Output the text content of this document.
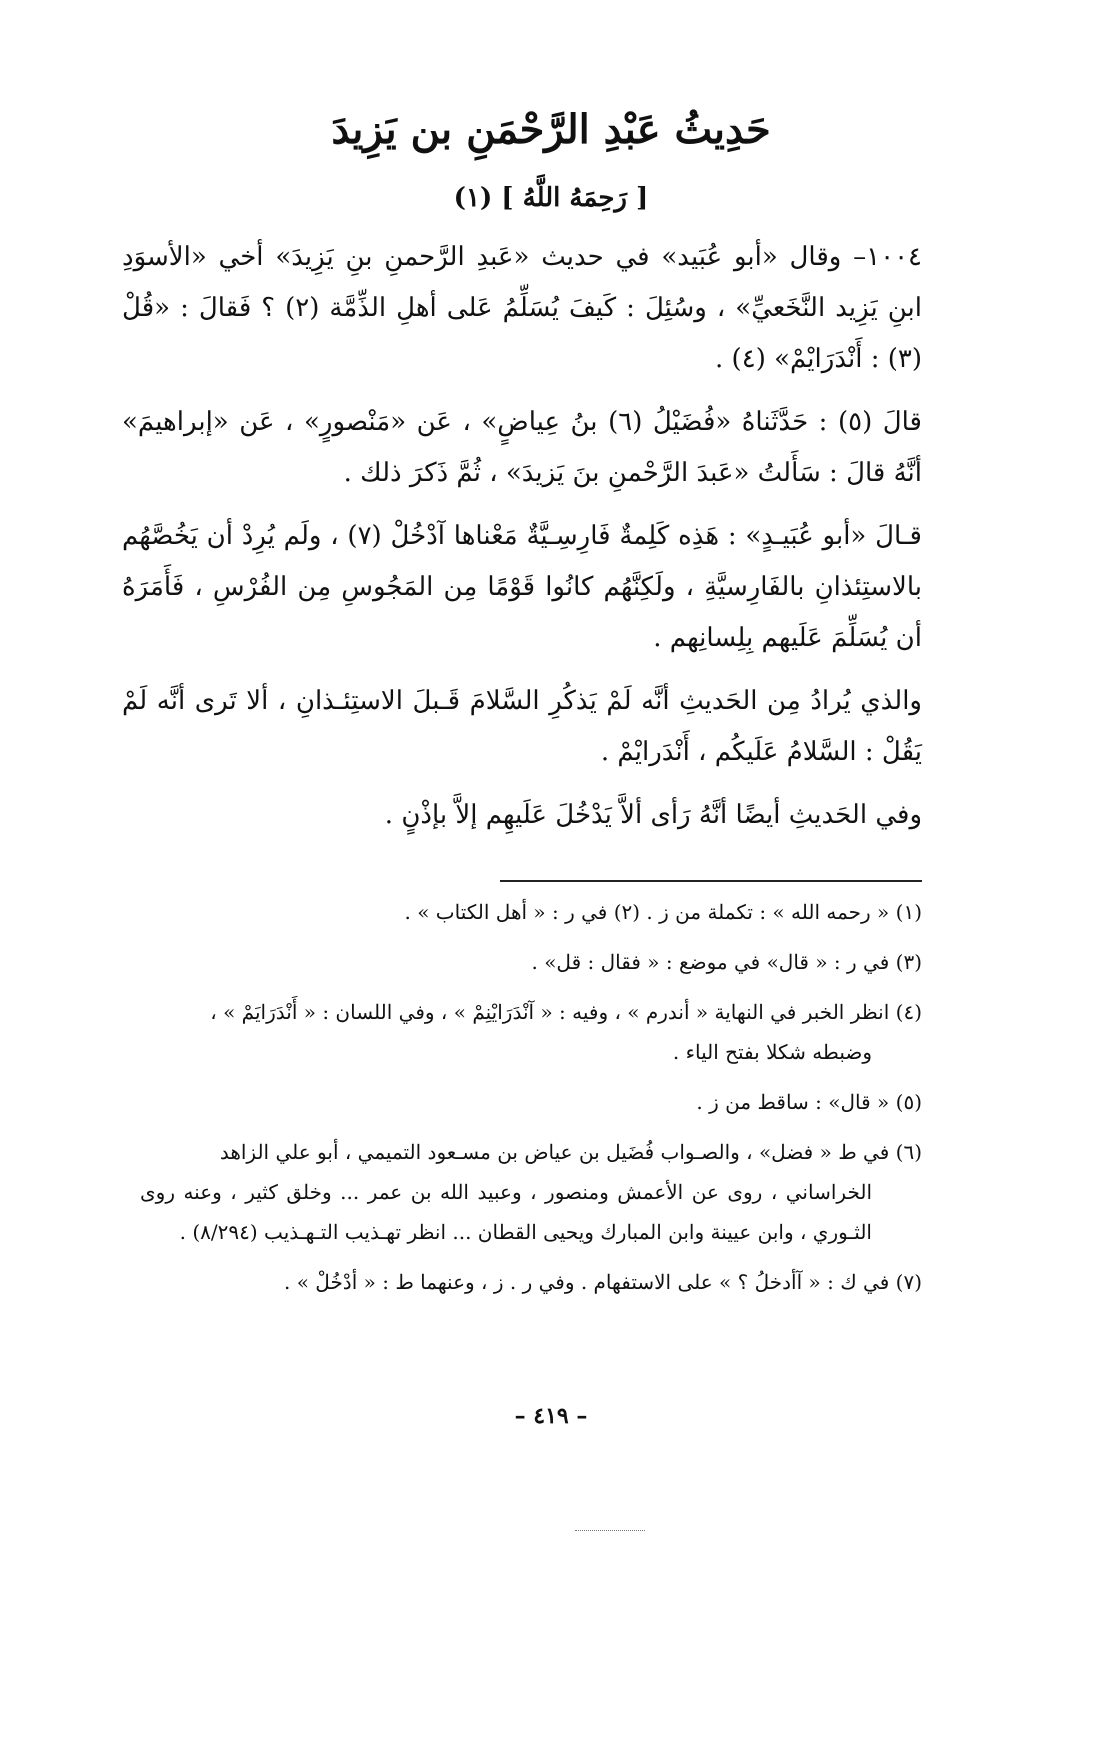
حَدِيثُ عَبْدِ الرَّحْمَنِ بن يَزِيدَ
[ رَحِمَهُ اللَّهُ ] (١)

١٠٠٤– وقال «أبو عُبَيد» في حديث «عَبدِ الرَّحمنِ بنِ يَزِيدَ» أخي «الأسوَدِ ابنِ يَزِيد النَّخَعيِّ» ، وسُئِلَ : كَيفَ يُسَلِّمُ عَلى أهلِ الذِّمَّة (٢) ؟ فَقالَ : «قُلْ (٣) : أَنْدَرَايْمْ» (٤) .

قالَ (٥) : حَدَّثَناهُ «فُضَيْلُ (٦) بنُ عِياضٍ» ، عَن «مَنْصورٍ» ، عَن «إبراهيمَ» أنَّهُ قالَ : سَأَلتُ «عَبدَ الرَّحْمنِ بنَ يَزيدَ» ، ثُمَّ ذَكرَ ذلك .

قـالَ «أبو عُبَيـدٍ» : هَذِه كَلِمةٌ فَارِسِـيَّةٌ مَعْناها آدْخُلْ (٧) ، ولَم يُرِدْ أن يَخُصَّهُم بالاستِئذانِ بالفَارِسيَّةِ ، ولَكِنَّهُم كانُوا قَوْمًا مِن المَجُوسِ مِن الفُرْسِ ، فَأَمَرَهُ أن يُسَلِّمَ عَلَيهم بِلِسانِهم .

والذي يُرادُ مِن الحَديثِ أنَّه لَمْ يَذكُرِ السَّلامَ قَـبلَ الاستِئـذانِ ، ألا تَرى أنَّه لَمْ يَقُلْ : السَّلامُ عَلَيكُم ، أَنْدَرايْمْ .

وفي الحَديثِ أيضًا أنَّهُ رَأى ألاَّ يَدْخُلَ عَلَيهِم إلاَّ بإذْنٍ .

(١) « رحمه الله » : تكملة من ز . (٢) في ر : « أهل الكتاب » .
(٣) في ر : « قال» في موضع : « فقال : قل» .
(٤) انظر الخبر في النهاية « أندرم » ، وفيه : « آنْدَرَايْنِمْ » ، وفي اللسان : « أَنْدَرَايَمْ » ،
وضبطه شكلا بفتح الياء .
(٥) « قال» : ساقط من ز .
(٦) في ط « فضل» ، والصـواب فُضَيل بن عياض بن مسـعود التميمي ، أبو علي الزاهد
الخراساني ، روى عن الأعمش ومنصور ، وعبيد الله بن عمر ... وخلق كثير ، وعنه روى الثـوري ، وابن عيينة وابن المبارك ويحيى القطان ... انظر تهـذيب التـهـذيب (٨/٢٩٤) .
(٧) في ك : « آأدخلُ ؟ » على الاستفهام . وفي ر . ز ، وعنهما ط : « أدْخُلْ » .
– ٤١٩ –
